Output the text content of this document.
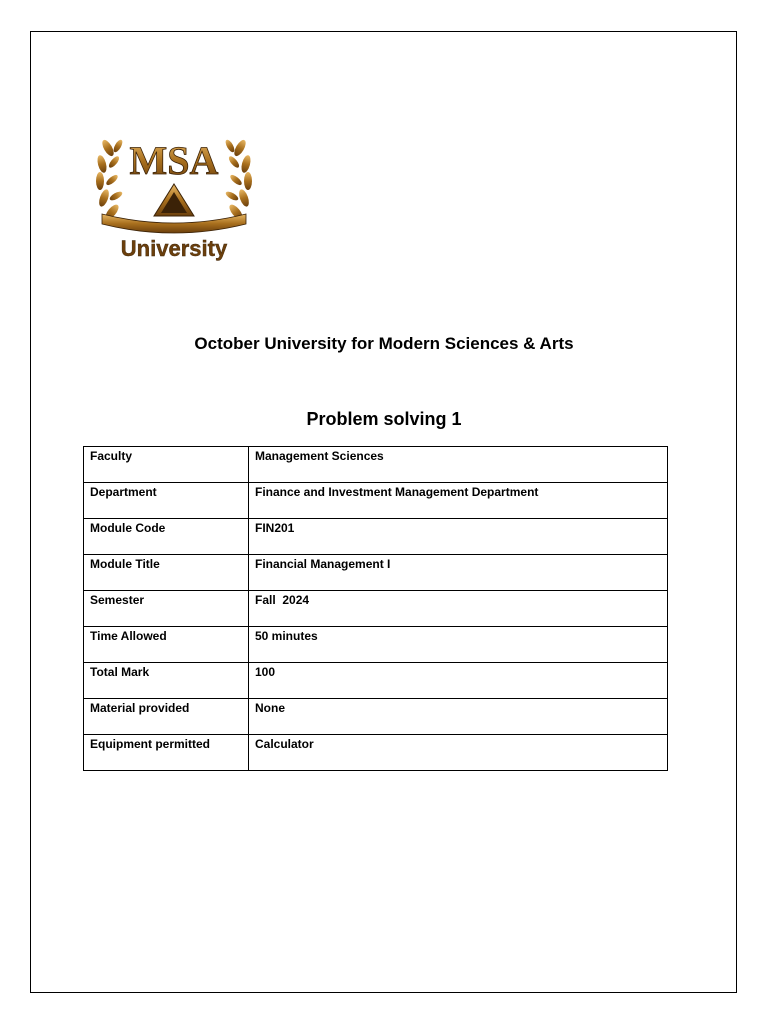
MSA
University
October University for Modern Sciences & Arts
Problem solving 1
Faculty	Management Sciences
Department	Finance and Investment Management Department
Module Code	FIN201
Module Title	Financial Management I
Semester	Fall  2024
Time Allowed	50 minutes
Total Mark	100
Material provided	None
Equipment permitted	Calculator
